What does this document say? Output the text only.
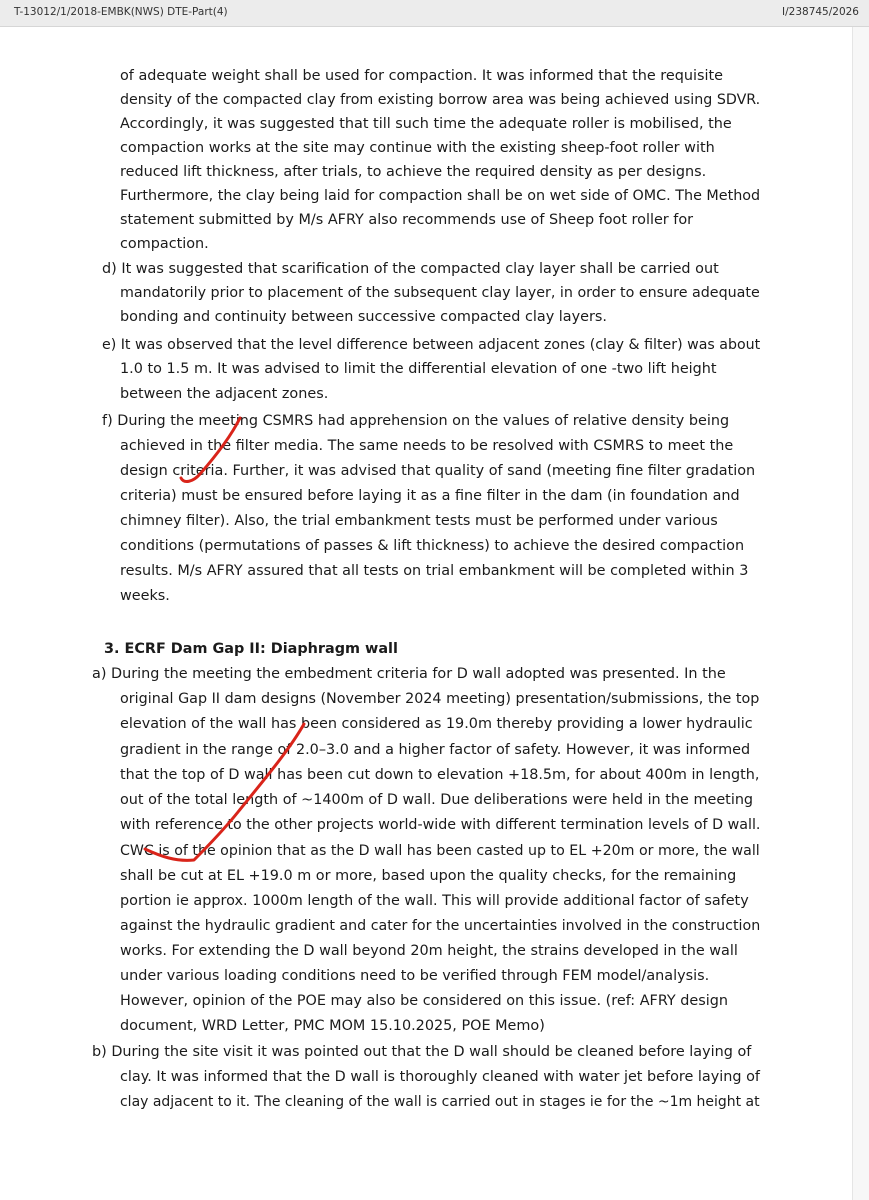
T-13012/1/2018-EMBK(NWS) DTE-Part(4)	I/238745/2026
of adequate weight shall be used for compaction. It was informed that the requisite
density of the compacted clay from existing borrow area was being achieved using SDVR.
Accordingly, it was suggested that till such time the adequate roller is mobilised, the
compaction works at the site may continue with the existing sheep-foot roller with
reduced lift thickness, after trials, to achieve the required density as per designs.
Furthermore, the clay being laid for compaction shall be on wet side of OMC. The Method
statement submitted by M/s AFRY also recommends use of Sheep foot roller for
compaction.
d) It was suggested that scarification of the compacted clay layer shall be carried out
mandatorily prior to placement of the subsequent clay layer, in order to ensure adequate
bonding and continuity between successive compacted clay layers.
e) It was observed that the level difference between adjacent zones (clay & filter) was about
1.0 to 1.5 m. It was advised to limit the differential elevation of one -two lift height
between the adjacent zones.
f) During the meeting CSMRS had apprehension on the values of relative density being
achieved in the filter media. The same needs to be resolved with CSMRS to meet the
design criteria. Further, it was advised that quality of sand (meeting fine filter gradation
criteria) must be ensured before laying it as a fine filter in the dam (in foundation and
chimney filter). Also, the trial embankment tests must be performed under various
conditions (permutations of passes & lift thickness) to achieve the desired compaction
results. M/s AFRY assured that all tests on trial embankment will be completed within 3
weeks.
3. ECRF Dam Gap II: Diaphragm wall
a) During the meeting the embedment criteria for D wall adopted was presented. In the
original Gap II dam designs (November 2024 meeting) presentation/submissions, the top
elevation of the wall has been considered as 19.0m thereby providing a lower hydraulic
gradient in the range of 2.0–3.0 and a higher factor of safety. However, it was informed
that the top of D wall has been cut down to elevation +18.5m, for about 400m in length,
out of the total length of ~1400m of D wall. Due deliberations were held in the meeting
with reference to the other projects world-wide with different termination levels of D wall.
CWC is of the opinion that as the D wall has been casted up to EL +20m or more, the wall
shall be cut at EL +19.0 m or more, based upon the quality checks, for the remaining
portion ie approx. 1000m length of the wall. This will provide additional factor of safety
against the hydraulic gradient and cater for the uncertainties involved in the construction
works. For extending the D wall beyond 20m height, the strains developed in the wall
under various loading conditions need to be verified through FEM model/analysis.
However, opinion of the POE may also be considered on this issue. (ref: AFRY design
document, WRD Letter, PMC MOM 15.10.2025, POE Memo)
b) During the site visit it was pointed out that the D wall should be cleaned before laying of
clay. It was informed that the D wall is thoroughly cleaned with water jet before laying of
clay adjacent to it. The cleaning of the wall is carried out in stages ie for the ~1m height at
